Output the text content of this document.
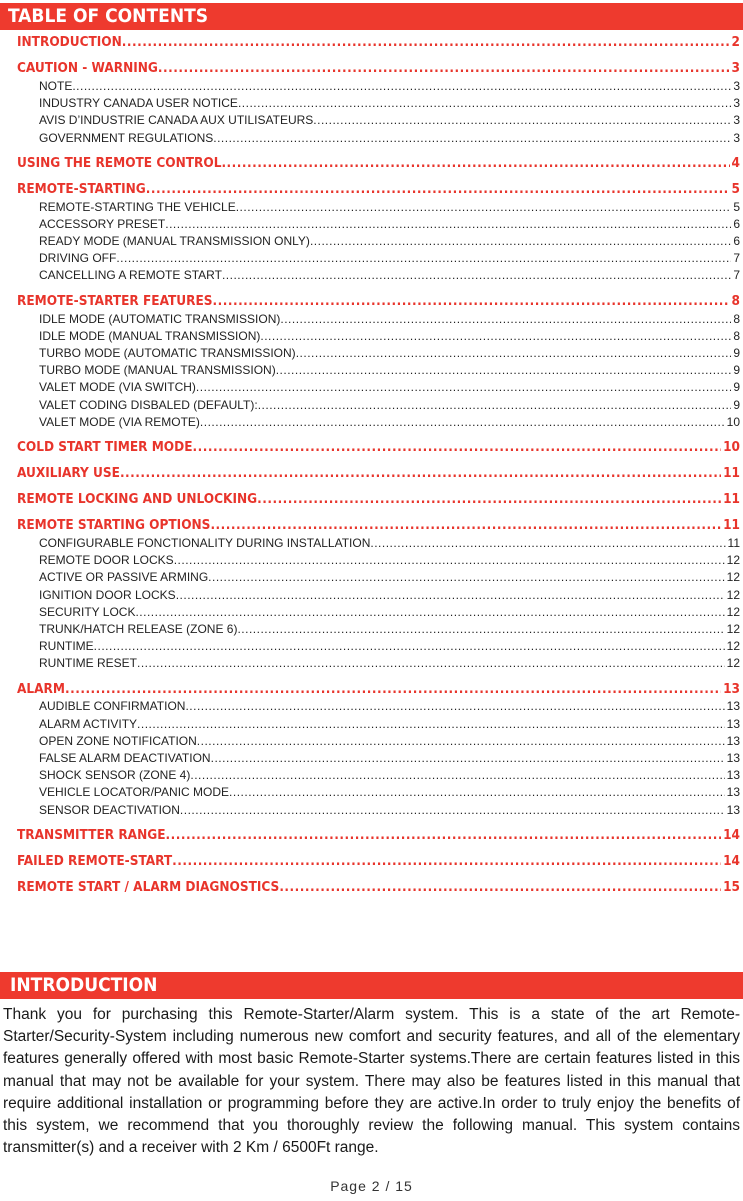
TABLE OF CONTENTS
INTRODUCTION .....	2
CAUTION - WARNING .....	3
NOTE .....	3
INDUSTRY CANADA USER NOTICE .....	3
AVIS D’INDUSTRIE CANADA AUX UTILISATEURS .....	3
GOVERNMENT REGULATIONS .....	3
USING THE REMOTE CONTROL .....	4
REMOTE-STARTING .....	5
REMOTE-STARTING THE VEHICLE .....	5
ACCESSORY PRESET .....	6
READY MODE (MANUAL TRANSMISSION ONLY) .....	6
DRIVING OFF .....	7
CANCELLING A REMOTE START .....	7
REMOTE-STARTER FEATURES .....	8
IDLE MODE (AUTOMATIC TRANSMISSION) .....	8
IDLE MODE (MANUAL TRANSMISSION) .....	8
TURBO MODE (AUTOMATIC TRANSMISSION) .....	9
TURBO MODE (MANUAL TRANSMISSION) .....	9
VALET MODE (VIA SWITCH) .....	9
VALET CODING DISBALED (DEFAULT): .....	9
VALET MODE (VIA REMOTE) .....	10
COLD START TIMER MODE .....	10
AUXILIARY USE .....	11
REMOTE LOCKING AND UNLOCKING .....	11
REMOTE STARTING OPTIONS .....	11
CONFIGURABLE FONCTIONALITY DURING INSTALLATION .....	11
REMOTE DOOR LOCKS .....	12
ACTIVE OR PASSIVE ARMING .....	12
IGNITION DOOR LOCKS .....	12
SECURITY LOCK .....	12
TRUNK/HATCH RELEASE (ZONE 6) .....	12
RUNTIME .....	12
RUNTIME RESET .....	12
ALARM .....	13
AUDIBLE CONFIRMATION .....	13
ALARM ACTIVITY .....	13
OPEN ZONE NOTIFICATION .....	13
FALSE ALARM DEACTIVATION .....	13
SHOCK SENSOR (ZONE 4) .....	13
VEHICLE LOCATOR/PANIC MODE .....	13
SENSOR DEACTIVATION .....	13
TRANSMITTER RANGE .....	14
FAILED REMOTE-START .....	14
REMOTE START / ALARM DIAGNOSTICS .....	15
INTRODUCTION

Thank you for purchasing this Remote-Starter/Alarm system. This is a state of the art Remote-Starter/Security-System including numerous new comfort and security features, and all of the elementary features generally offered with most basic Remote-Starter systems.There are certain features listed in this manual that may not be available for your system. There may also be features listed in this manual that require additional installation or programming before they are active.In order to truly enjoy the benefits of this system, we recommend that you thoroughly review the following manual. This system contains transmitter(s) and a receiver with 2 Km / 6500Ft range.

Page 2 / 15
